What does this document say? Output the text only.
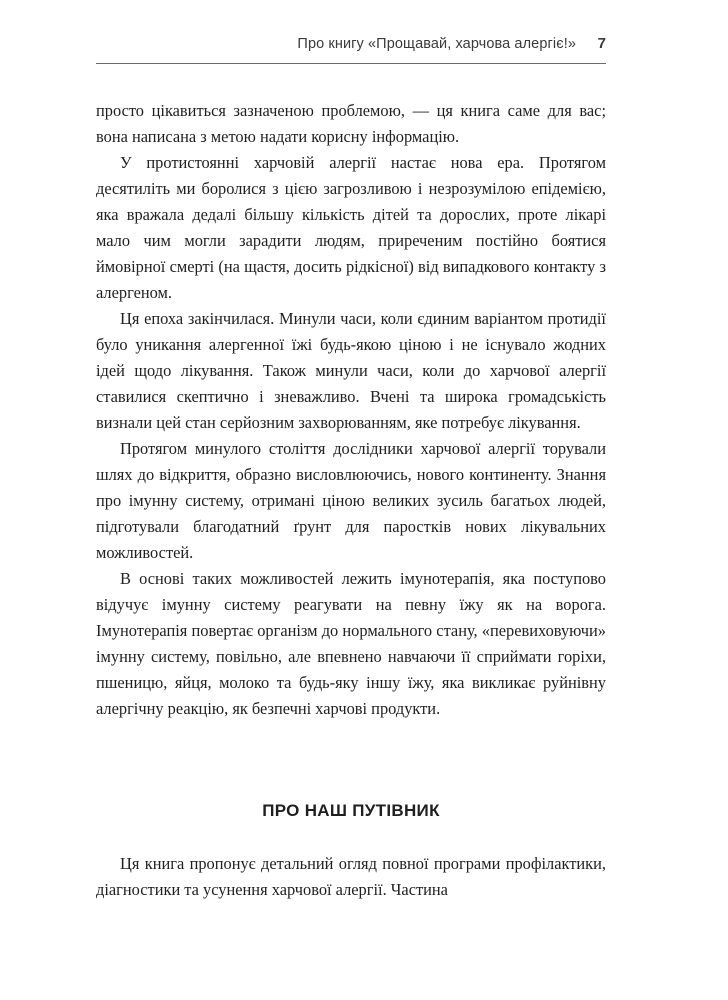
Про книгу «Прощавай, харчова алергіє!» 7

просто цікавиться зазначеною проблемою, — ця книга саме для вас; вона написана з метою надати корисну інформацію.

У протистоянні харчовій алергії настає нова ера. Протягом десятиліть ми боролися з цією загрозливою і незрозумілою епідемією, яка вражала дедалі більшу кількість дітей та дорослих, проте лікарі мало чим могли зарадити людям, приреченим постійно боятися ймовірної смерті (на щастя, досить рідкісної) від випадкового контакту з алергеном.

Ця епоха закінчилася. Минули часи, коли єдиним варіантом протидії було уникання алергенної їжі будь-якою ціною і не існувало жодних ідей щодо лікування. Також минули часи, коли до харчової алергії ставилися скептично і зневажливо. Вчені та широка громадськість визнали цей стан серйозним захворюванням, яке потребує лікування.

Протягом минулого століття дослідники харчової алергії торували шлях до відкриття, образно висловлюючись, нового континенту. Знання про імунну систему, отримані ціною великих зусиль багатьох людей, підготували благодатний ґрунт для паростків нових лікувальних можливостей.

В основі таких можливостей лежить імунотерапія, яка поступово відучує імунну систему реагувати на певну їжу як на ворога. Імунотерапія повертає організм до нормального стану, «перевиховуючи» імунну систему, повільно, але впевнено навчаючи її сприймати горіхи, пшеницю, яйця, молоко та будь-яку іншу їжу, яка викликає руйнівну алергічну реакцію, як безпечні харчові продукти.

ПРО НАШ ПУТІВНИК

Ця книга пропонує детальний огляд повної програми профілактики, діагностики та усунення харчової алергії. Частина
